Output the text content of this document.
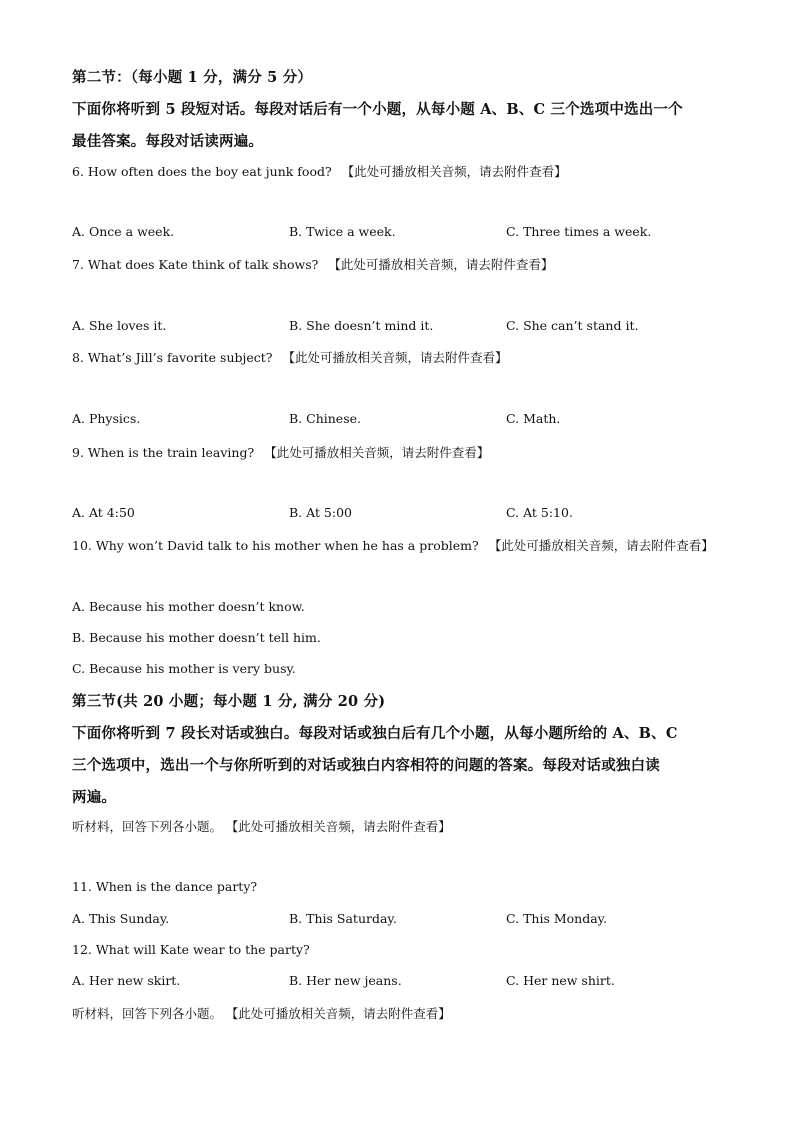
第二节：（每小题 1 分，满分 5 分）
下面你将听到 5 段短对话。每段对话后有一个小题，从每小题 A、B、C 三个选项中选出一个
最佳答案。每段对话读两遍。
6. How often does the boy eat junk food? 【此处可播放相关音频，请去附件查看】
A. Once a week.	B. Twice a week.	C. Three times a week.
7. What does Kate think of talk shows? 【此处可播放相关音频，请去附件查看】
A. She loves it.	B. She doesn’t mind it.	C. She can’t stand it.
8. What’s Jill’s favorite subject? 【此处可播放相关音频，请去附件查看】
A. Physics.	B. Chinese.	C. Math.
9. When is the train leaving? 【此处可播放相关音频，请去附件查看】
A. At 4:50	B. At 5:00	C. At 5:10.
10. Why won’t David talk to his mother when he has a problem? 【此处可播放相关音频，请去附件查看】
A. Because his mother doesn’t know.
B. Because his mother doesn’t tell him.
C. Because his mother is very busy.
第三节(共 20 小题；每小题 1 分, 满分 20 分)
下面你将听到 7 段长对话或独白。每段对话或独白后有几个小题，从每小题所给的 A、B、C
三个选项中，选出一个与你所听到的对话或独白内容相符的问题的答案。每段对话或独白读
两遍。
听材料，回答下列各小题。 【此处可播放相关音频，请去附件查看】
11. When is the dance party?
A. This Sunday.	B. This Saturday.	C. This Monday.
12. What will Kate wear to the party?
A. Her new skirt.	B. Her new jeans.	C. Her new shirt.
听材料，回答下列各小题。 【此处可播放相关音频，请去附件查看】
